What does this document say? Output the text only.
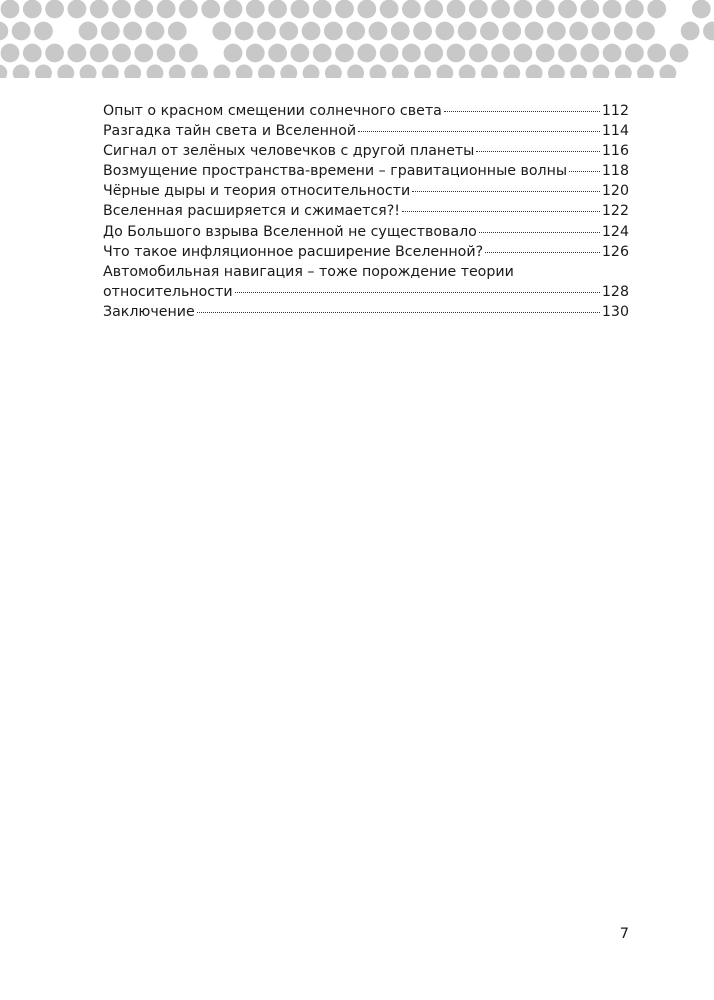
Опыт о красном смещении солнечного света	112
Разгадка тайн света и Вселенной	114
Сигнал от зелёных человечков с другой планеты	116
Возмущение пространства-времени – гравитационные волны 118
Чёрные дыры и теория относительности	120
Вселенная расширяется и сжимается?!	122
До Большого взрыва Вселенной не существовало	124
Что такое инфляционное расширение Вселенной?	126
Автомобильная навигация – тоже порождение теории
относительности	128
Заключение	130
7
